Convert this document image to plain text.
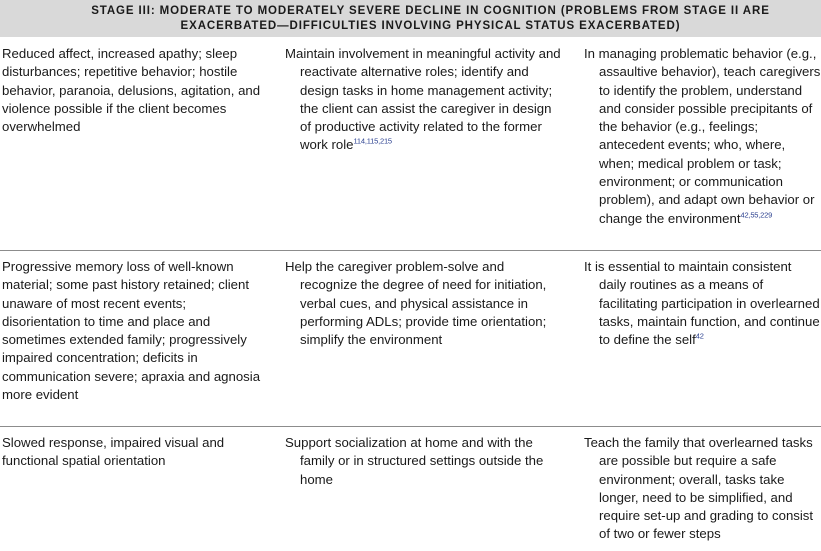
STAGE III: MODERATE TO MODERATELY SEVERE DECLINE IN COGNITION (PROBLEMS FROM STAGE II ARE EXACERBATED—DIFFICULTIES INVOLVING PHYSICAL STATUS EXACERBATED)
Reduced affect, increased apathy; sleep disturbances; repetitive behavior; hostile behavior, paranoia, delusions, agitation, and violence possible if the client becomes overwhelmed
Maintain involvement in meaningful activity and reactivate alternative roles; identify and design tasks in home management activity; the client can assist the caregiver in design of productive activity related to the former work role$^{114,115,215}$
In managing problematic behavior (e.g., assaultive behavior), teach caregivers to identify the problem, understand and consider possible precipitants of the behavior (e.g., feelings; antecedent events; who, where, when; medical problem or task; environment; or communication problem), and adapt own behavior or change the environment$^{42,55,229}$
Progressive memory loss of well-known material; some past history retained; client unaware of most recent events; disorientation to time and place and sometimes extended family; progressively impaired concentration; deficits in communication severe; apraxia and agnosia more evident
Help the caregiver problem-solve and recognize the degree of need for initiation, verbal cues, and physical assistance in performing ADLs; provide time orientation; simplify the environment
It is essential to maintain consistent daily routines as a means of facilitating participation in overlearned tasks, maintain function, and continue to define the self$^{42}$
Slowed response, impaired visual and functional spatial orientation
Support socialization at home and with the family or in structured settings outside the home
Teach the family that overlearned tasks are possible but require a safe environment; overall, tasks take longer, need to be simplified, and require set-up and grading to consist of two or fewer steps
